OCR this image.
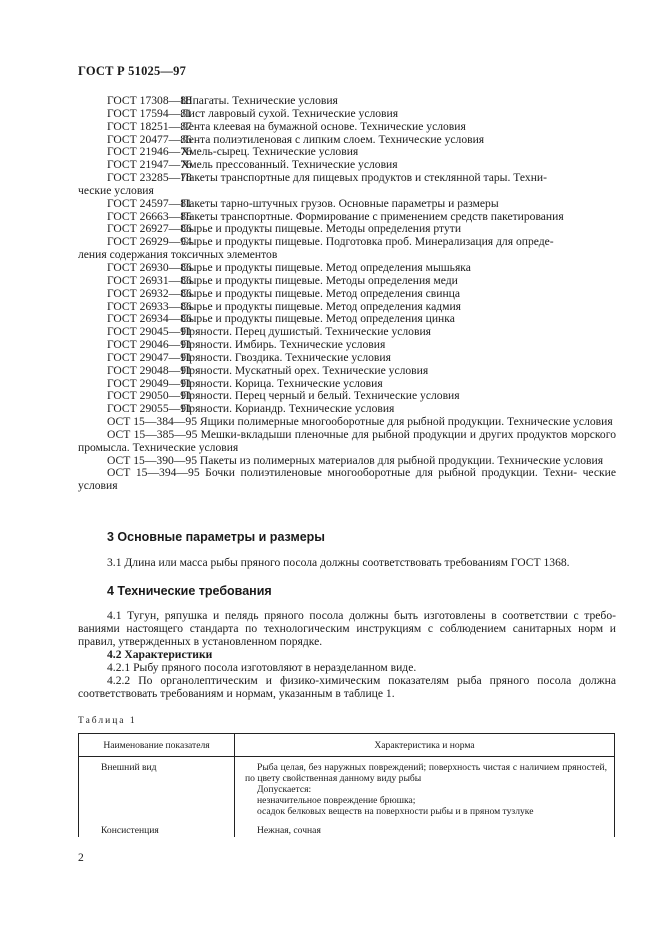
ГОСТ Р 51025—97
ГОСТ 17308—88 Шпагаты. Технические условия
ГОСТ 17594—81 Лист лавровый сухой. Технические условия
ГОСТ 18251—87 Лента клеевая на бумажной основе. Технические условия
ГОСТ 20477—86 Лента полиэтиленовая с липким слоем. Технические условия
ГОСТ 21946—76 Хмель-сырец. Технические условия
ГОСТ 21947—76 Хмель прессованный. Технические условия
ГОСТ 23285—78 Пакеты транспортные для пищевых продуктов и стеклянной тары. Техни-
ческие условия
ГОСТ 24597—81 Пакеты тарно-штучных грузов. Основные параметры и размеры
ГОСТ 26663—85 Пакеты транспортные. Формирование с применением средств пакетирования
ГОСТ 26927—86 Сырье и продукты пищевые. Методы определения ртути
ГОСТ 26929—94 Сырье и продукты пищевые. Подготовка проб. Минерализация для опреде-
ления содержания токсичных элементов
ГОСТ 26930—86 Сырье и продукты пищевые. Метод определения мышьяка
ГОСТ 26931—86 Сырье и продукты пищевые. Методы определения меди
ГОСТ 26932—86 Сырье и продукты пищевые. Метод определения свинца
ГОСТ 26933—86 Сырье и продукты пищевые. Метод определения кадмия
ГОСТ 26934—86 Сырье и продукты пищевые. Метод определения цинка
ГОСТ 29045—91 Пряности. Перец душистый. Технические условия
ГОСТ 29046—91 Пряности. Имбирь. Технические условия
ГОСТ 29047—91 Пряности. Гвоздика. Технические условия
ГОСТ 29048—91 Пряности. Мускатный орех. Технические условия
ГОСТ 29049—91 Пряности. Корица. Технические условия
ГОСТ 29050—91 Пряности. Перец черный и белый. Технические условия
ГОСТ 29055—91 Пряности. Кориандр. Технические условия
ОСТ 15—384—95 Ящики полимерные многооборотные для рыбной продукции. Технические условия
ОСТ 15—385—95 Мешки-вкладыши пленочные для рыбной продукции и других продуктов морского промысла. Технические условия
ОСТ 15—390—95 Пакеты из полимерных материалов для рыбной продукции. Технические условия
ОСТ 15—394—95 Бочки полиэтиленовые многооборотные для рыбной продукции. Техни- ческие условия
3 Основные параметры и размеры
3.1 Длина или масса рыбы пряного посола должны соответствовать требованиям ГОСТ 1368.
4 Технические требования
4.1 Тугун, ряпушка и пелядь пряного посола должны быть изготовлены в соответствии с требо- ваниями настоящего стандарта по технологическим инструкциям с соблюдением санитарных норм и правил, утвержденных в установленном порядке.
4.2 Характеристики
4.2.1 Рыбу пряного посола изготовляют в неразделанном виде.
4.2.2 По органолептическим и физико-химическим показателям рыба пряного посола должна соответствовать требованиям и нормам, указанным в таблице 1.
Таблица 1
Наименование показателя	Характеристика и норма
Внешний вид	Рыба целая, без наружных повреждений; поверхность чистая с наличием пряностей, по цвету свойственная данному виду рыбы
Допускается:
незначительное повреждение брюшка;
осадок белковых веществ на поверхности рыбы и в пряном тузлуке
Консистенция	Нежная, сочная
2
